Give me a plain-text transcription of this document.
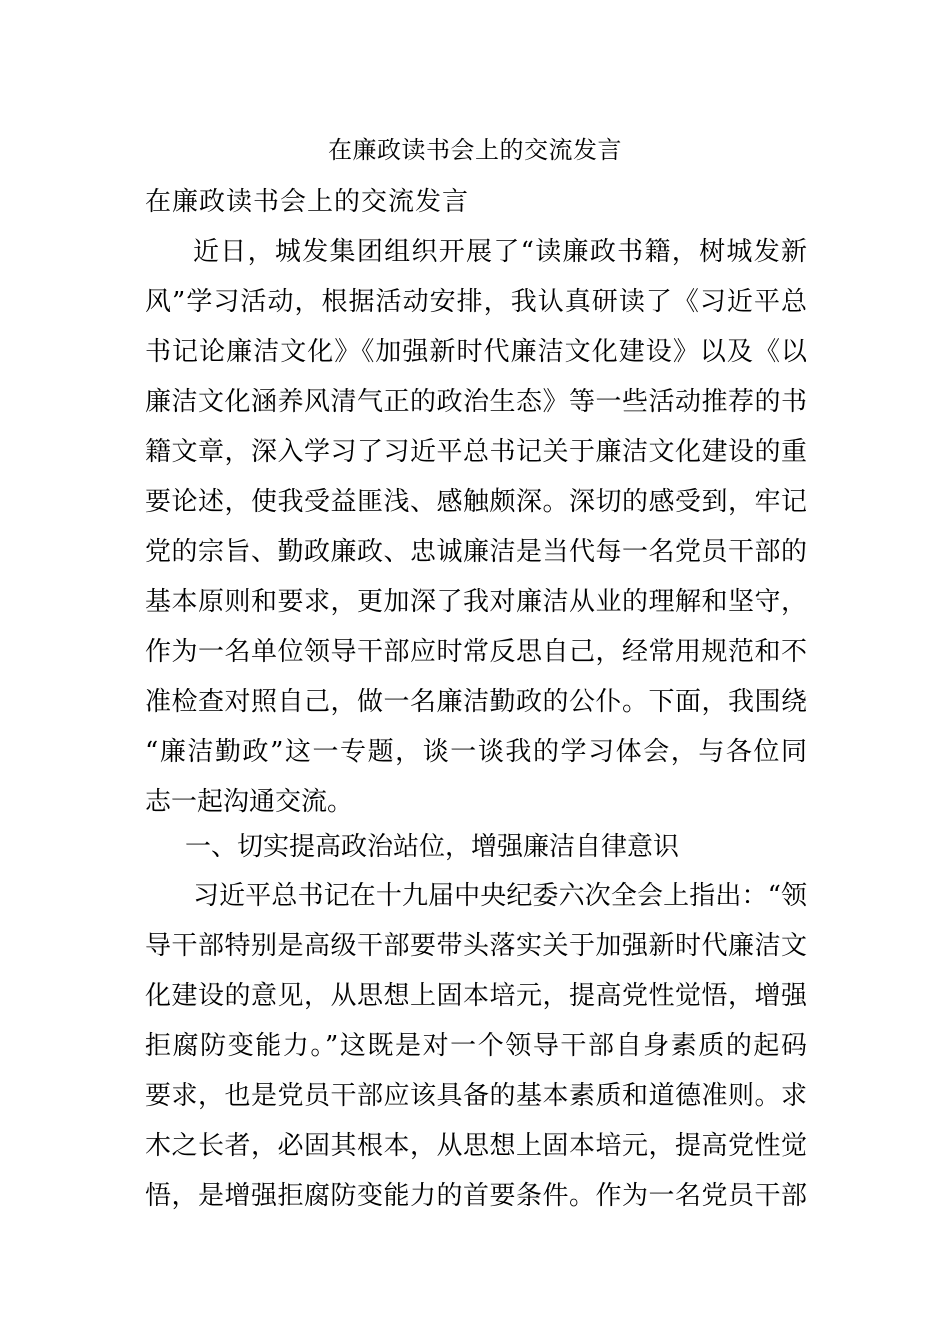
在廉政读书会上的交流发言
在廉政读书会上的交流发言
近日，城发集团组织开展了“读廉政书籍，树城发新
风”学习活动，根据活动安排，我认真研读了《习近平总
书记论廉洁文化》《加强新时代廉洁文化建设》以及《以
廉洁文化涵养风清气正的政治生态》等一些活动推荐的书
籍文章，深入学习了习近平总书记关于廉洁文化建设的重
要论述，使我受益匪浅、感触颇深。深切的感受到，牢记
党的宗旨、勤政廉政、忠诚廉洁是当代每一名党员干部的
基本原则和要求，更加深了我对廉洁从业的理解和坚守，
作为一名单位领导干部应时常反思自己，经常用规范和不
准检查对照自己，做一名廉洁勤政的公仆。下面，我围绕
“廉洁勤政”这一专题，谈一谈我的学习体会，与各位同
志一起沟通交流。
一、切实提高政治站位，增强廉洁自律意识
习近平总书记在十九届中央纪委六次全会上指出：“领
导干部特别是高级干部要带头落实关于加强新时代廉洁文
化建设的意见，从思想上固本培元，提高党性觉悟，增强
拒腐防变能力。”这既是对一个领导干部自身素质的起码
要求，也是党员干部应该具备的基本素质和道德准则。求
木之长者，必固其根本，从思想上固本培元，提高党性觉
悟，是增强拒腐防变能力的首要条件。作为一名党员干部
